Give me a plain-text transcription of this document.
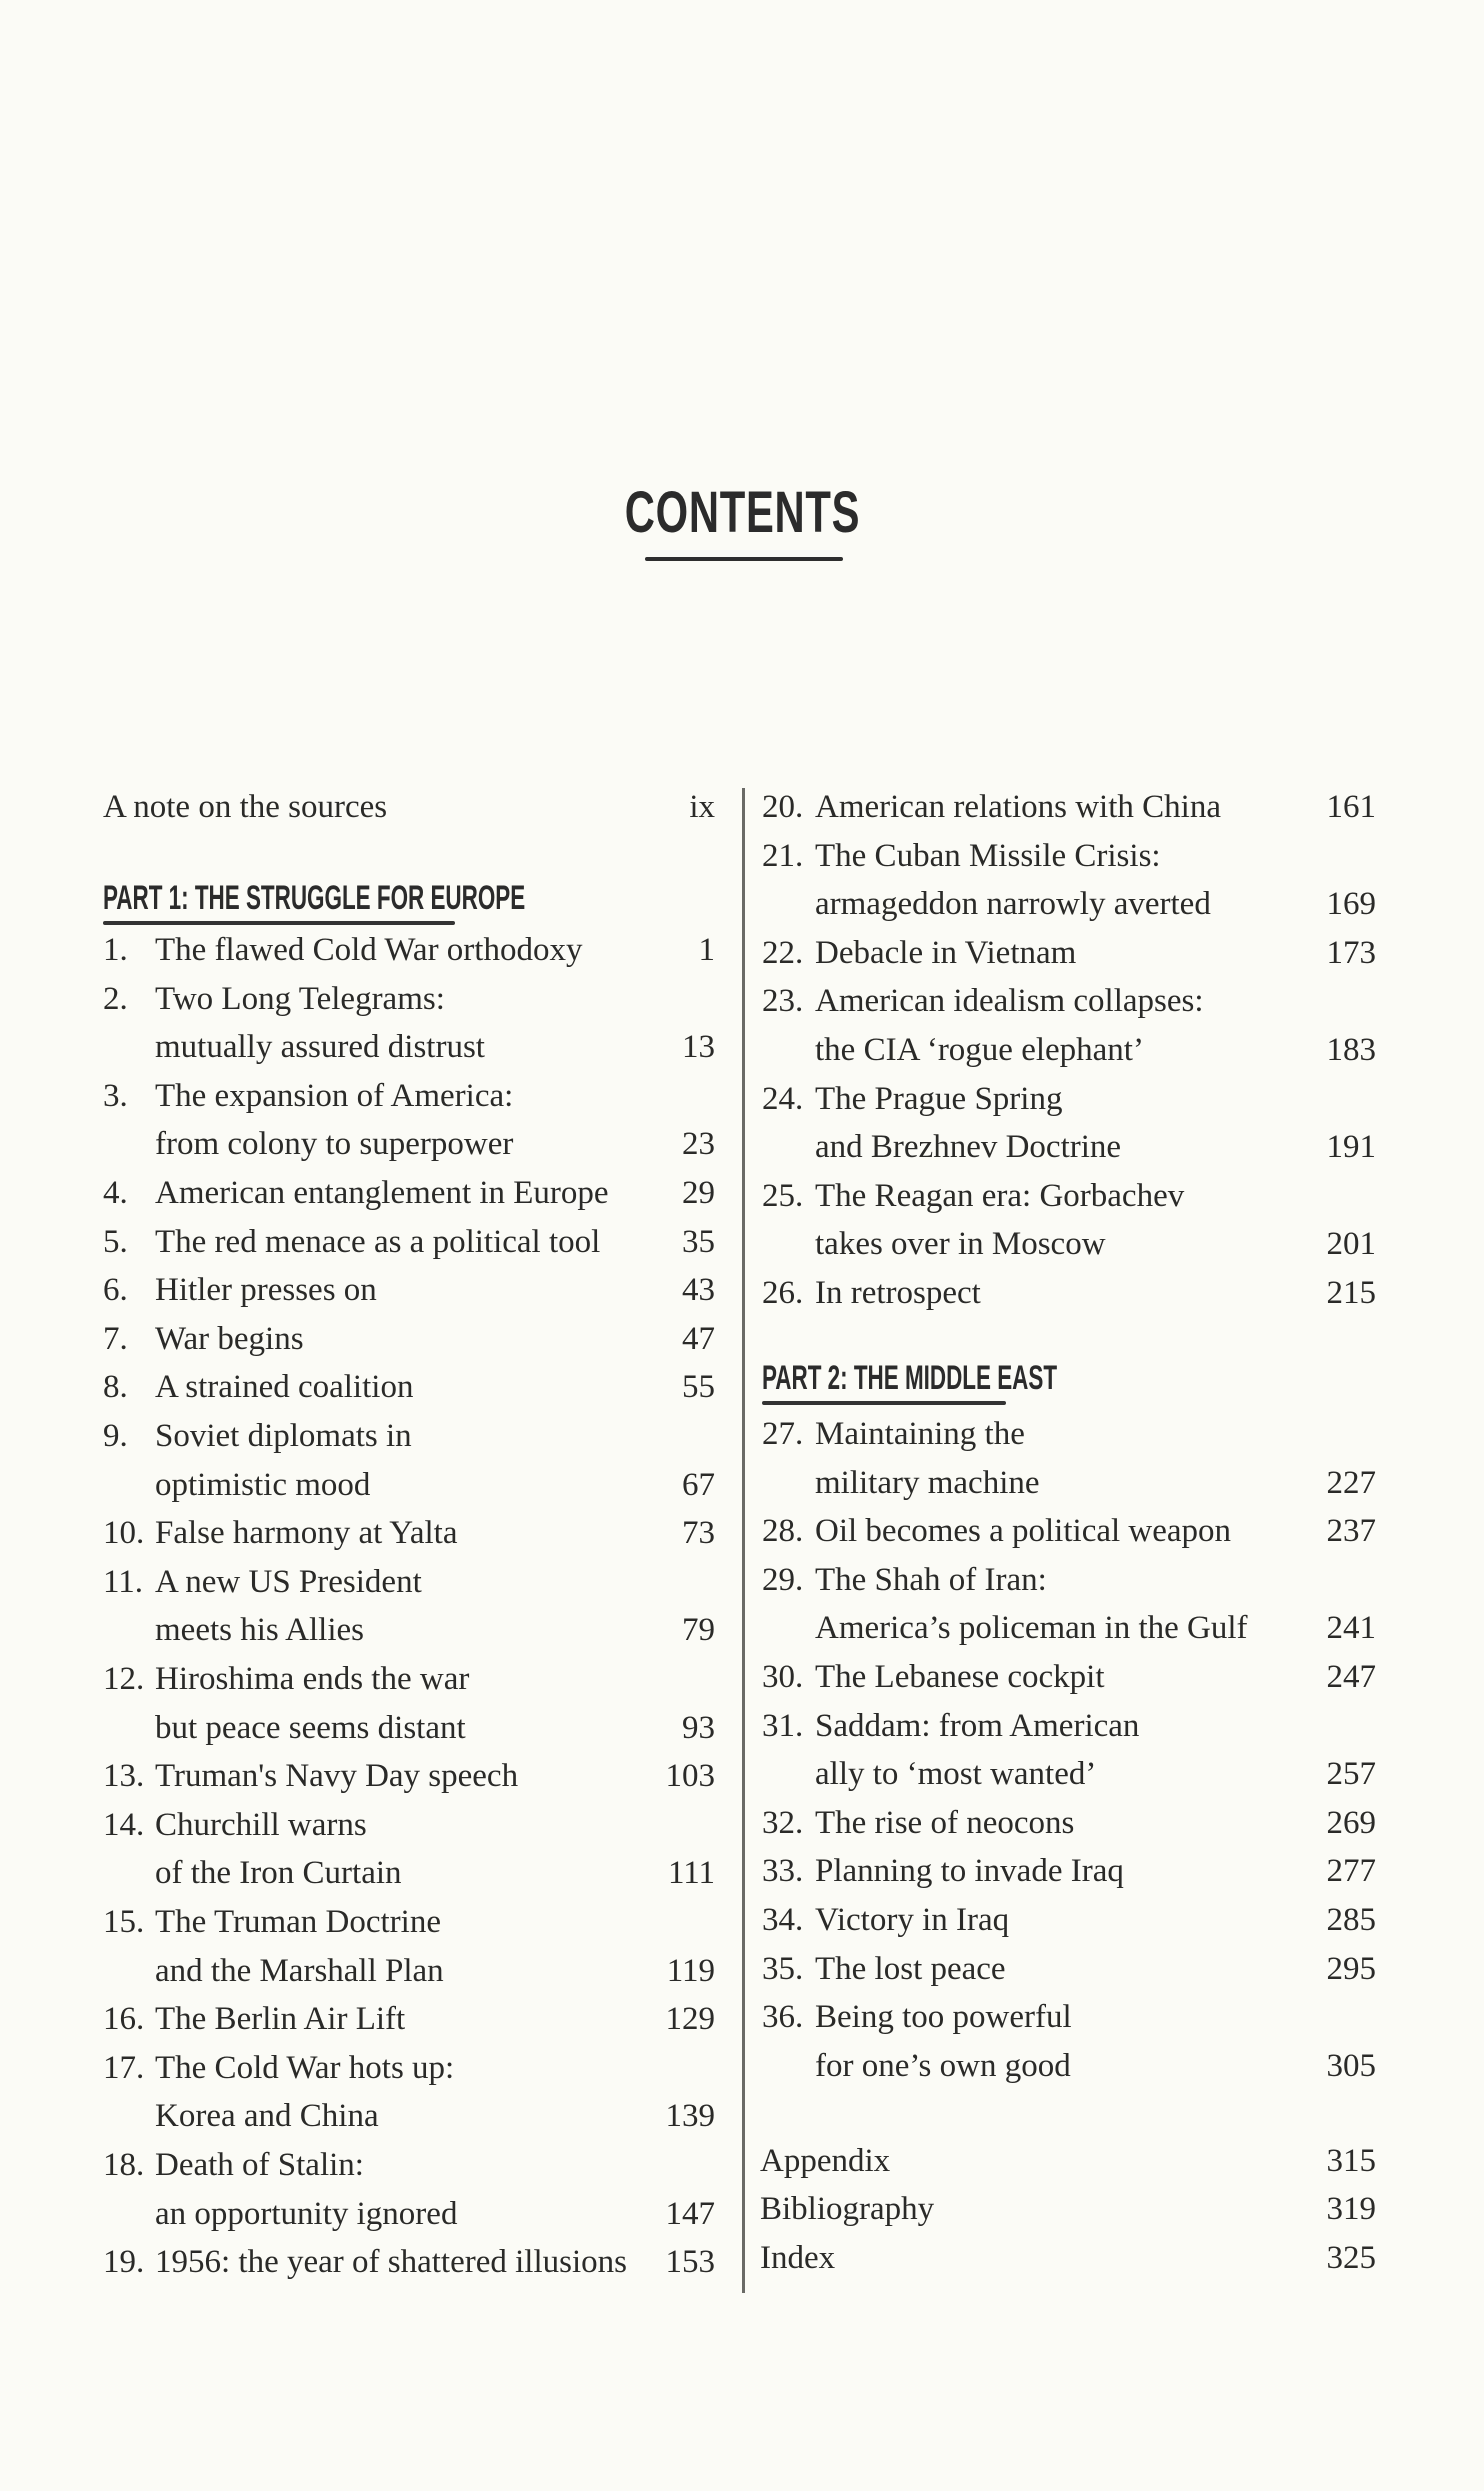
CONTENTS
A note on the sources	ix
PART 1: THE STRUGGLE FOR EUROPE
1. The flawed Cold War orthodoxy	1
2. Two Long Telegrams:
mutually assured distrust	13
3. The expansion of America:
from colony to superpower	23
4. American entanglement in Europe 29
5. The red menace as a political tool 35
6. Hitler presses on	43
7. War begins	47
8. A strained coalition	55
9. Soviet diplomats in
optimistic mood	67
10. False harmony at Yalta	73
11. A new US President
meets his Allies	79
12. Hiroshima ends the war
but peace seems distant	93
13. Truman's Navy Day speech	103
14. Churchill warns
of the Iron Curtain	111
15. The Truman Doctrine
and the Marshall Plan	119
16. The Berlin Air Lift	129
17. The Cold War hots up:
Korea and China	139
18. Death of Stalin:
an opportunity ignored	147
19. 1956: the year of shattered illusions 153
20. American relations with China	161
21. The Cuban Missile Crisis:
armageddon narrowly averted	169
22. Debacle in Vietnam	173
23. American idealism collapses:
the CIA ‘rogue elephant’	183
24. The Prague Spring
and Brezhnev Doctrine	191
25. The Reagan era: Gorbachev
takes over in Moscow	201
26. In retrospect	215
PART 2: THE MIDDLE EAST
27. Maintaining the
military machine	227
28. Oil becomes a political weapon	237
29. The Shah of Iran:
America’s policeman in the Gulf 241
30. The Lebanese cockpit	247
31. Saddam: from American
ally to ‘most wanted’	257
32. The rise of neocons	269
33. Planning to invade Iraq	277
34. Victory in Iraq	285
35. The lost peace	295
36. Being too powerful
for one’s own good	305
Appendix	315
Bibliography	319
Index	325
